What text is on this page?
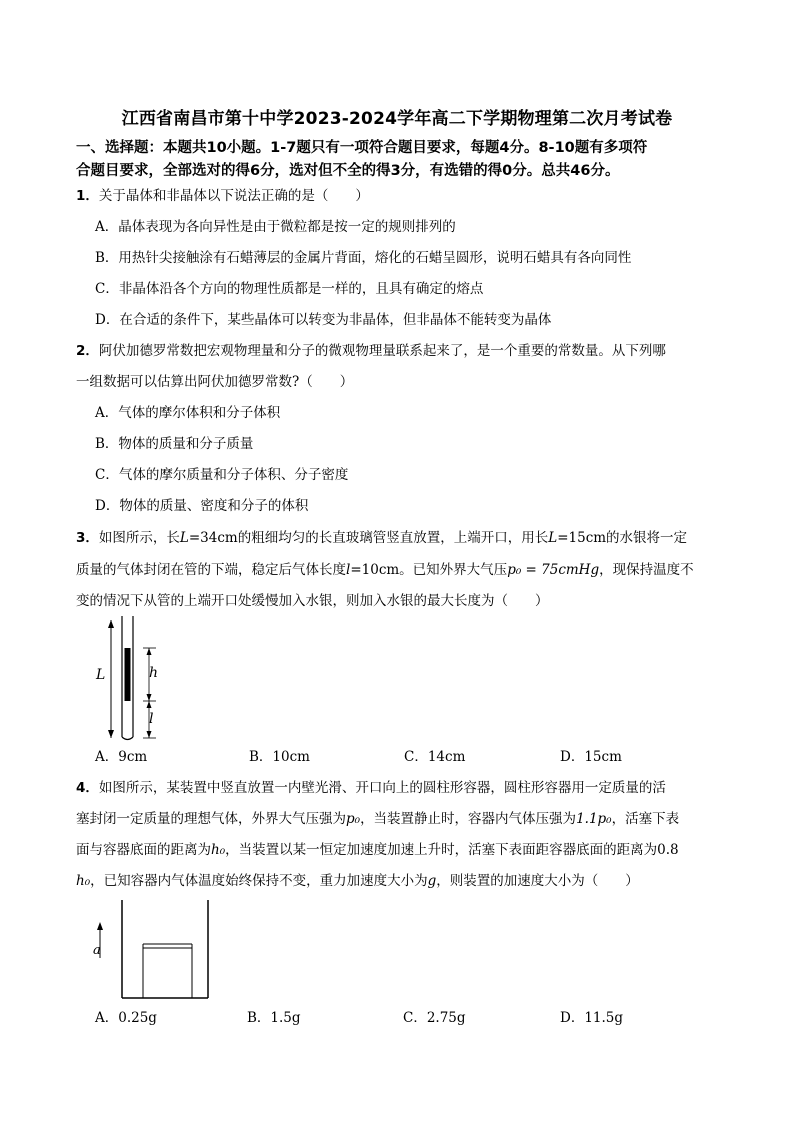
江西省南昌市第十中学2023-2024学年高二下学期物理第二次月考试卷
一、选择题：本题共10小题。1-7题只有一项符合题目要求，每题4分。8-10题有多项符
合题目要求，全部选对的得6分，选对但不全的得3分，有选错的得0分。总共46分。
1．关于晶体和非晶体以下说法正确的是（　　）
A．晶体表现为各向异性是由于微粒都是按一定的规则排列的
B．用热针尖接触涂有石蜡薄层的金属片背面，熔化的石蜡呈圆形，说明石蜡具有各向同性
C．非晶体沿各个方向的物理性质都是一样的，且具有确定的熔点
D．在合适的条件下，某些晶体可以转变为非晶体，但非晶体不能转变为晶体
2．阿伏加德罗常数把宏观物理量和分子的微观物理量联系起来了，是一个重要的常数量。从下列哪
一组数据可以估算出阿伏加德罗常数?（　　）
A．气体的摩尔体积和分子体积
B．物体的质量和分子质量
C．气体的摩尔质量和分子体积、分子密度
D．物体的质量、密度和分子的体积
3．如图所示，长L=34cm的粗细均匀的长直玻璃管竖直放置，上端开口，用长L=15cm的水银将一定
质量的气体封闭在管的下端，稳定后气体长度l=10cm。已知外界大气压p₀ = 75cmHg，现保持温度不
变的情况下从管的上端开口处缓慢加入水银，则加入水银的最大长度为（　　）
L	h
l
A．9cm	B．10cm	C．14cm	D．15cm
4．如图所示，某装置中竖直放置一内壁光滑、开口向上的圆柱形容器，圆柱形容器用一定质量的活
塞封闭一定质量的理想气体，外界大气压强为p₀，当装置静止时，容器内气体压强为1.1p₀，活塞下表
面与容器底面的距离为h₀，当装置以某一恒定加速度加速上升时，活塞下表面距容器底面的距离为0.8
h₀，已知容器内气体温度始终保持不变，重力加速度大小为g，则装置的加速度大小为（　　）
a
A．0.25g	B．1.5g	C．2.75g	D．11.5g
